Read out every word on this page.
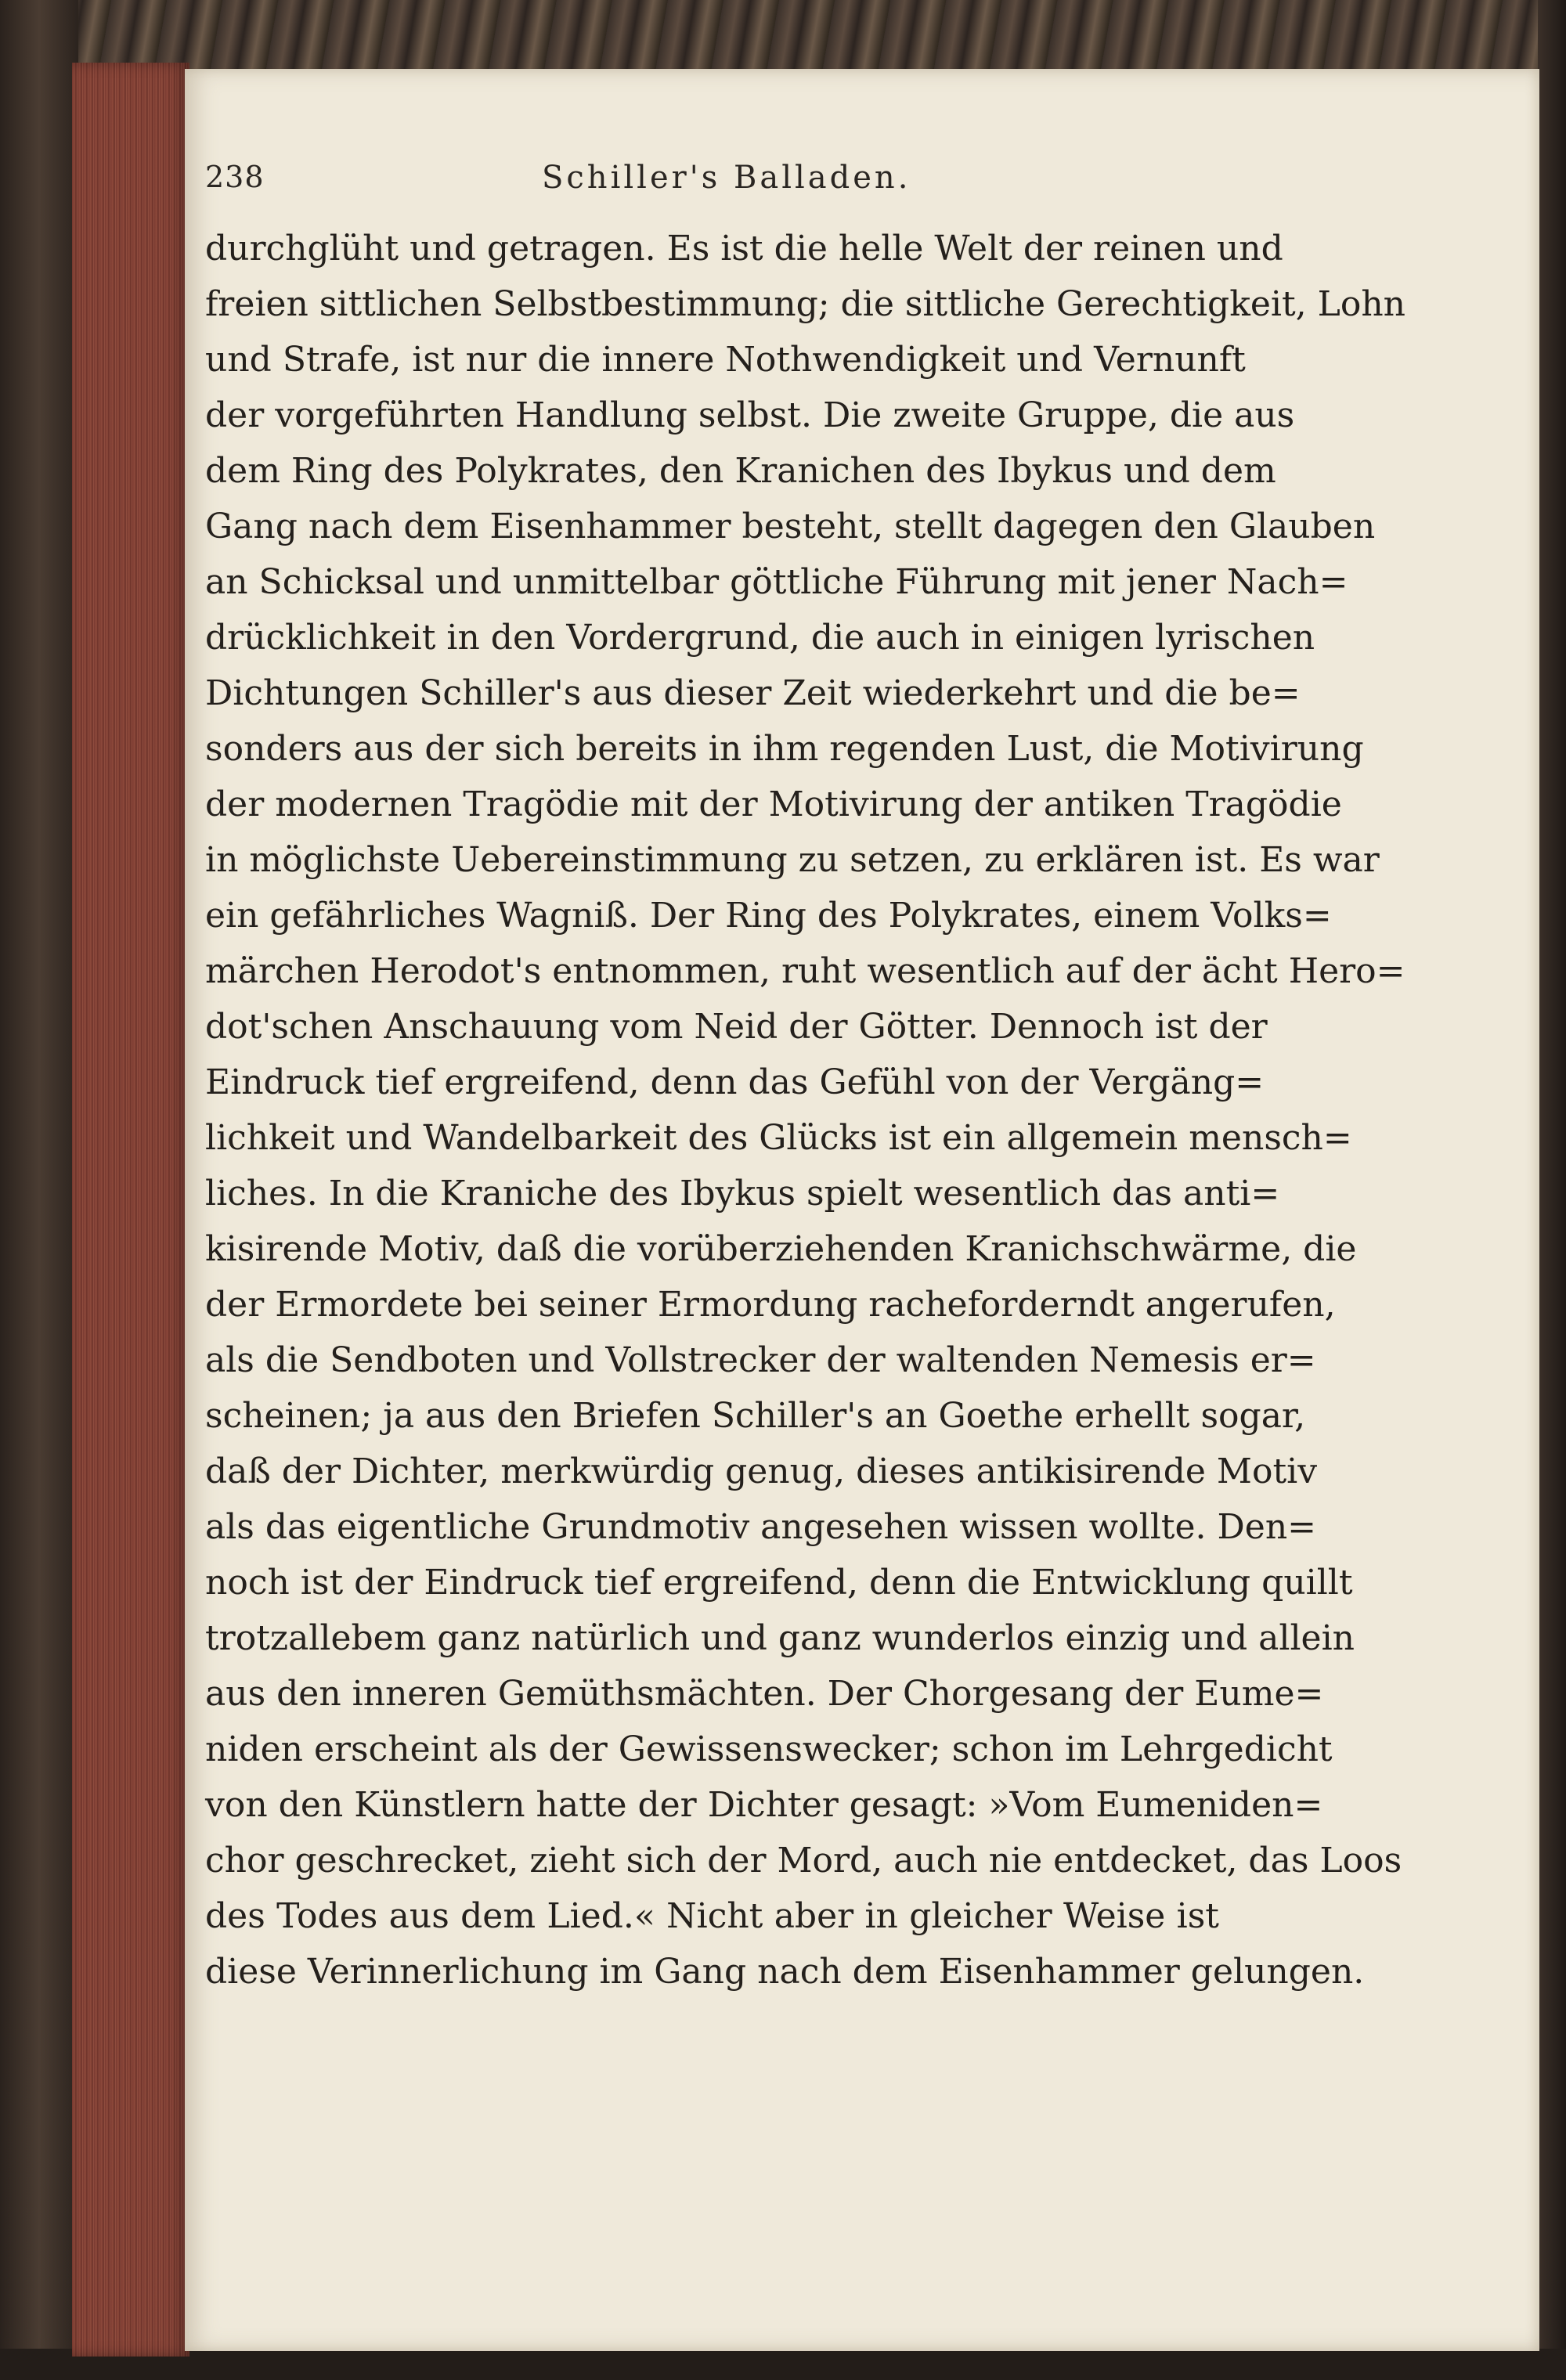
238	Schiller's Balladen.
durchglüht und getragen. Es ist die helle Welt der reinen und
freien sittlichen Selbstbestimmung; die sittliche Gerechtigkeit, Lohn
und Strafe, ist nur die innere Nothwendigkeit und Vernunft
der vorgeführten Handlung selbst. Die zweite Gruppe, die aus
dem Ring des Polykrates, den Kranichen des Ibykus und dem
Gang nach dem Eisenhammer besteht, stellt dagegen den Glauben
an Schicksal und unmittelbar göttliche Führung mit jener Nach=
drücklichkeit in den Vordergrund, die auch in einigen lyrischen
Dichtungen Schiller's aus dieser Zeit wiederkehrt und die be=
sonders aus der sich bereits in ihm regenden Lust, die Motivirung
der modernen Tragödie mit der Motivirung der antiken Tragödie
in möglichste Uebereinstimmung zu setzen, zu erklären ist. Es war
ein gefährliches Wagniß. Der Ring des Polykrates, einem Volks=
märchen Herodot's entnommen, ruht wesentlich auf der ächt Hero=
dot'schen Anschauung vom Neid der Götter. Dennoch ist der
Eindruck tief ergreifend, denn das Gefühl von der Vergäng=
lichkeit und Wandelbarkeit des Glücks ist ein allgemein mensch=
liches. In die Kraniche des Ibykus spielt wesentlich das anti=
kisirende Motiv, daß die vorüberziehenden Kranichschwärme, die
der Ermordete bei seiner Ermordung racheforderndt angerufen,
als die Sendboten und Vollstrecker der waltenden Nemesis er=
scheinen; ja aus den Briefen Schiller's an Goethe erhellt sogar,
daß der Dichter, merkwürdig genug, dieses antikisirende Motiv
als das eigentliche Grundmotiv angesehen wissen wollte. Den=
noch ist der Eindruck tief ergreifend, denn die Entwicklung quillt
trotzallebem ganz natürlich und ganz wunderlos einzig und allein
aus den inneren Gemüthsmächten. Der Chorgesang der Eume=
niden erscheint als der Gewissenswecker; schon im Lehrgedicht
von den Künstlern hatte der Dichter gesagt: »Vom Eumeniden=
chor geschrecket, zieht sich der Mord, auch nie entdecket, das Loos
des Todes aus dem Lied.« Nicht aber in gleicher Weise ist
diese Verinnerlichung im Gang nach dem Eisenhammer gelungen.
